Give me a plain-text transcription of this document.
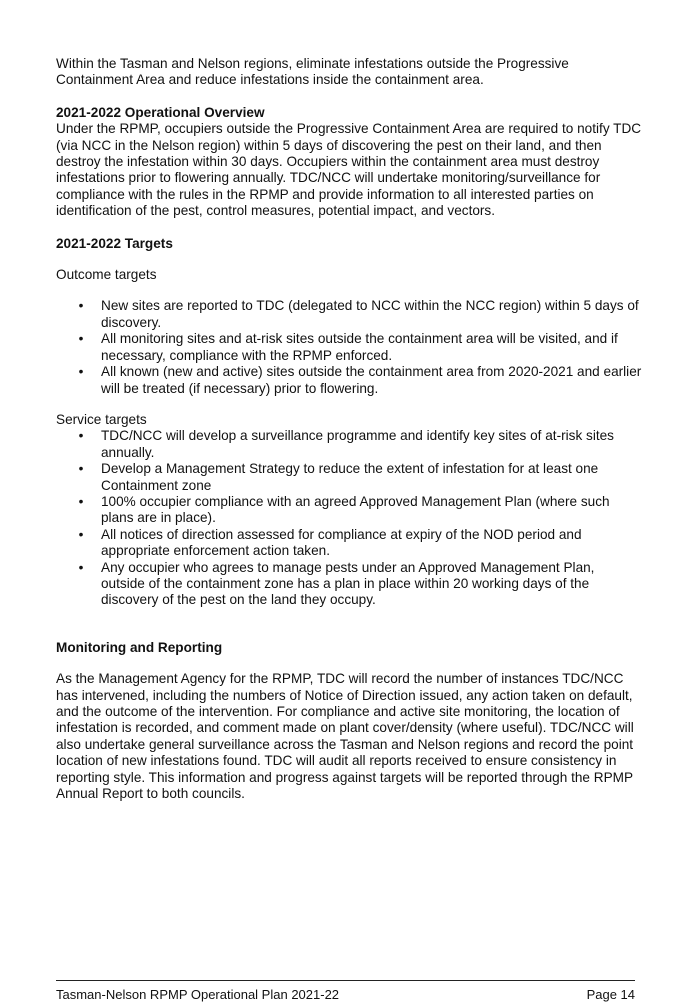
Within the Tasman and Nelson regions, eliminate infestations outside the Progressive Containment Area and reduce infestations inside the containment area.

2021-2022 Operational Overview

Under the RPMP, occupiers outside the Progressive Containment Area are required to notify TDC (via NCC in the Nelson region) within 5 days of discovering the pest on their land, and then destroy the infestation within 30 days. Occupiers within the containment area must destroy infestations prior to flowering annually. TDC/NCC will undertake monitoring/surveillance for compliance with the rules in the RPMP and provide information to all interested parties on identification of the pest, control measures, potential impact, and vectors.

2021-2022 Targets

Outcome targets

• New sites are reported to TDC (delegated to NCC within the NCC region) within 5 days of discovery.
• All monitoring sites and at-risk sites outside the containment area will be visited, and if necessary, compliance with the RPMP enforced.
• All known (new and active) sites outside the containment area from 2020-2021 and earlier will be treated (if necessary) prior to flowering.

Service targets

• TDC/NCC will develop a surveillance programme and identify key sites of at-risk sites annually.
• Develop a Management Strategy to reduce the extent of infestation for at least one Containment zone
• 100% occupier compliance with an agreed Approved Management Plan (where such plans are in place).
• All notices of direction assessed for compliance at expiry of the NOD period and appropriate enforcement action taken.
• Any occupier who agrees to manage pests under an Approved Management Plan, outside of the containment zone has a plan in place within 20 working days of the discovery of the pest on the land they occupy.

Monitoring and Reporting

As the Management Agency for the RPMP, TDC will record the number of instances TDC/NCC has intervened, including the numbers of Notice of Direction issued, any action taken on default, and the outcome of the intervention. For compliance and active site monitoring, the location of infestation is recorded, and comment made on plant cover/density (where useful). TDC/NCC will also undertake general surveillance across the Tasman and Nelson regions and record the point location of new infestations found. TDC will audit all reports received to ensure consistency in reporting style. This information and progress against targets will be reported through the RPMP Annual Report to both councils.

Tasman-Nelson RPMP Operational Plan 2021-22	Page 14
